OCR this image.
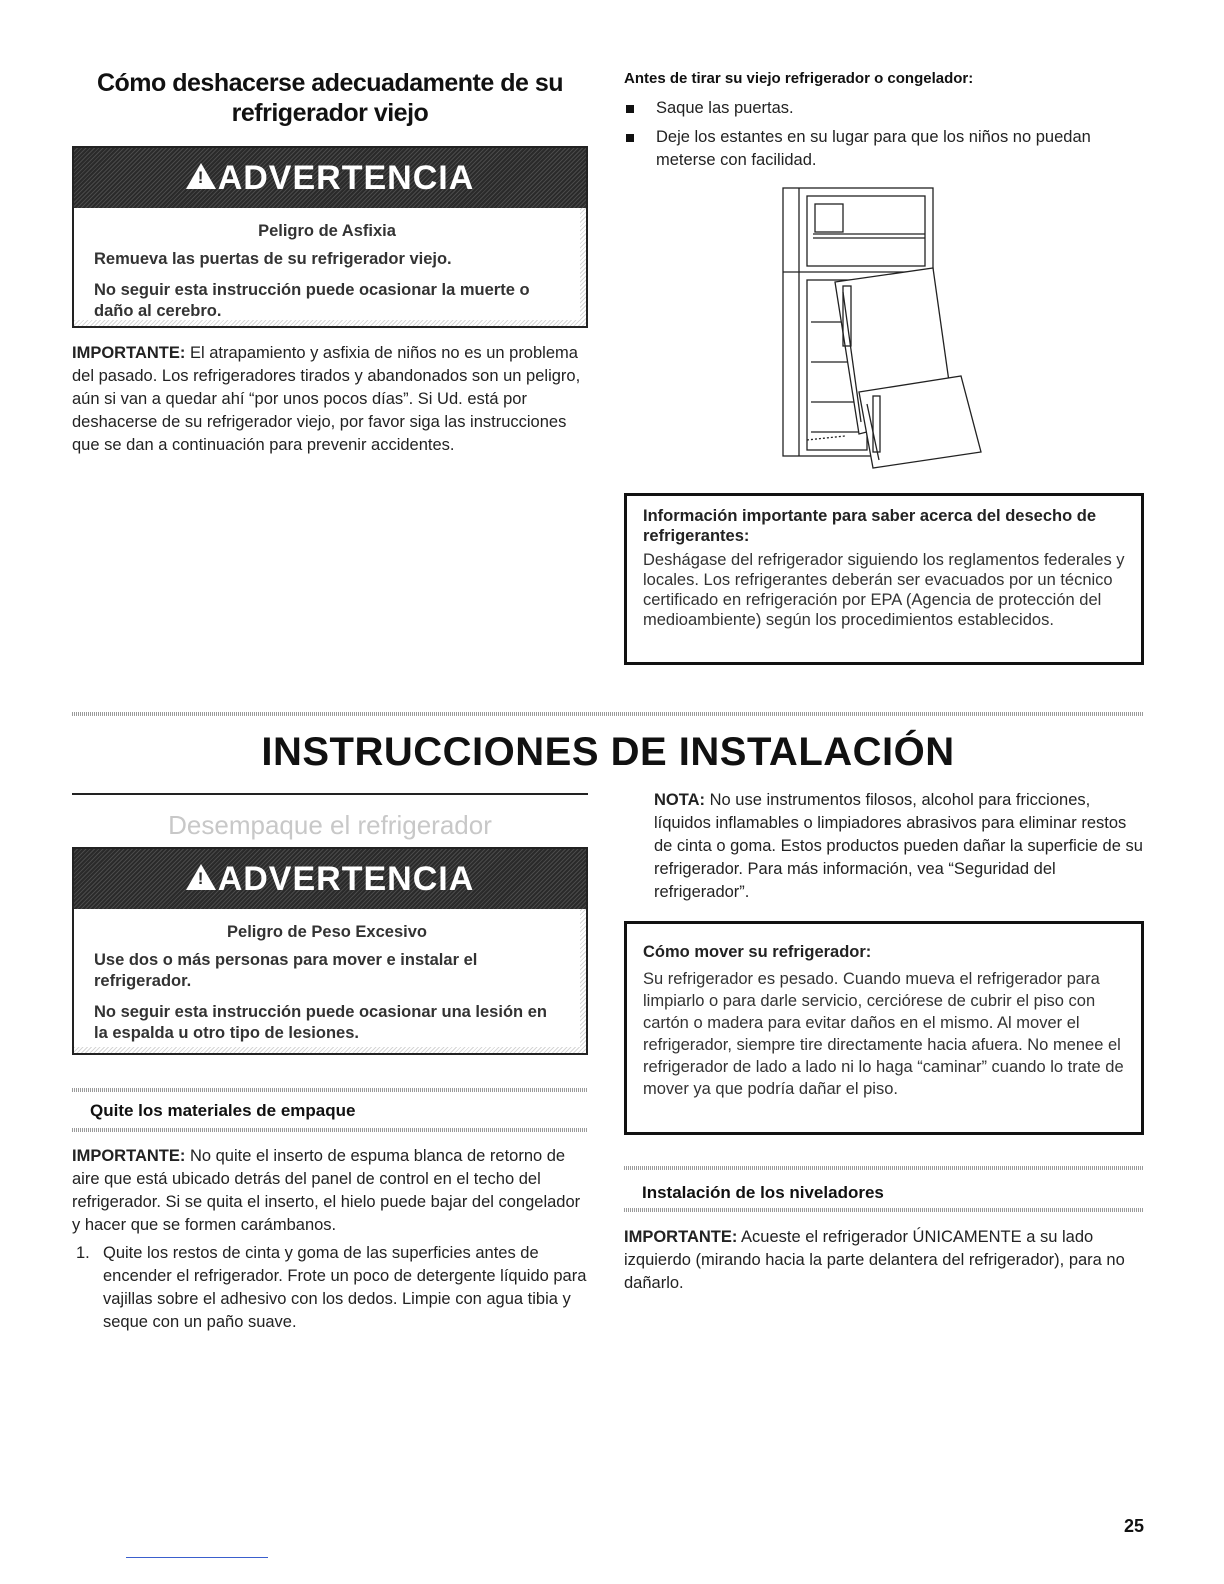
Cómo deshacerse adecuadamente de su refrigerador viejo
! ADVERTENCIA
Peligro de Asfixia
Remueva las puertas de su refrigerador viejo.
No seguir esta instrucción puede ocasionar la muerte o daño al cerebro.
IMPORTANTE: El atrapamiento y asfixia de niños no es un problema del pasado. Los refrigeradores tirados y abandonados son un peligro, aún si van a quedar ahí “por unos pocos días”. Si Ud. está por deshacerse de su refrigerador viejo, por favor siga las instrucciones que se dan a continuación para prevenir accidentes.
Antes de tirar su viejo refrigerador o congelador:
Saque las puertas.
Deje los estantes en su lugar para que los niños no puedan meterse con facilidad.
Información importante para saber acerca del desecho de refrigerantes:
Deshágase del refrigerador siguiendo los reglamentos federales y locales. Los refrigerantes deberán ser evacuados por un técnico certificado en refrigeración por EPA (Agencia de protección del medioambiente) según los procedimientos establecidos.
INSTRUCCIONES DE INSTALACIÓN
Desempaque el refrigerador
! ADVERTENCIA
Peligro de Peso Excesivo
Use dos o más personas para mover e instalar el refrigerador.
No seguir esta instrucción puede ocasionar una lesión en la espalda u otro tipo de lesiones.
Quite los materiales de empaque
IMPORTANTE: No quite el inserto de espuma blanca de retorno de aire que está ubicado detrás del panel de control en el techo del refrigerador. Si se quita el inserto, el hielo puede bajar del congelador y hacer que se formen carámbanos.
1. Quite los restos de cinta y goma de las superficies antes de encender el refrigerador. Frote un poco de detergente líquido para vajillas sobre el adhesivo con los dedos. Limpie con agua tibia y seque con un paño suave.
NOTA: No use instrumentos filosos, alcohol para fricciones, líquidos inflamables o limpiadores abrasivos para eliminar restos de cinta o goma. Estos productos pueden dañar la superficie de su refrigerador. Para más información, vea “Seguridad del refrigerador”.
Cómo mover su refrigerador:
Su refrigerador es pesado. Cuando mueva el refrigerador para limpiarlo o para darle servicio, cerciórese de cubrir el piso con cartón o madera para evitar daños en el mismo. Al mover el refrigerador, siempre tire directamente hacia afuera. No menee el refrigerador de lado a lado ni lo haga “caminar” cuando lo trate de mover ya que podría dañar el piso.
Instalación de los niveladores
IMPORTANTE: Acueste el refrigerador ÚNICAMENTE a su lado izquierdo (mirando hacia la parte delantera del refrigerador), para no dañarlo.
25
